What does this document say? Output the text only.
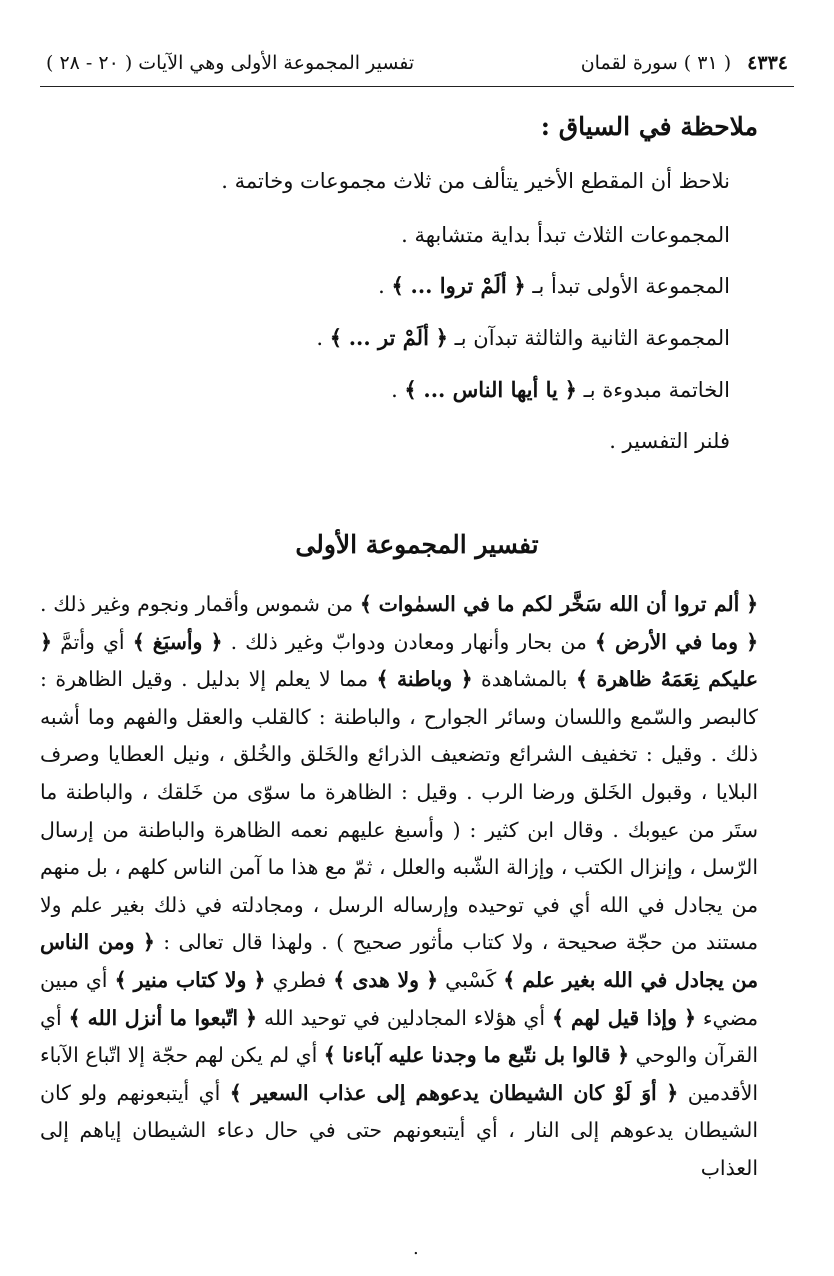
٤٣٣٤ ( ٣١ ) سورة لقمان
تفسير المجموعة الأولى وهي الآيات ( ٢٠ - ٢٨ )
ملاحظة في السياق :
نلاحظ أن المقطع الأخير يتألف من ثلاث مجموعات وخاتمة .
المجموعات الثلاث تبدأ بداية متشابهة .
المجموعة الأولى تبدأ بـ ﴿ ألَمْ تروا ... ﴾ .
المجموعة الثانية والثالثة تبدآن بـ ﴿ ألَمْ تر ... ﴾ .
الخاتمة مبدوءة بـ ﴿ يا أيها الناس ... ﴾ .
فلنر التفسير .
تفسير المجموعة الأولى
﴿ ألم تروا أن الله سَخَّر لكم ما في السمٰوات ﴾ من شموس وأقمار ونجوم وغير ذلك . ﴿ وما في الأرض ﴾ من بحار وأنهار ومعادن ودوابّ وغير ذلك . ﴿ وأسبَغ ﴾ أي وأتمَّ ﴿ عليكم نِعَمَهُ ظاهرة ﴾ بالمشاهدة ﴿ وباطنة ﴾ مما لا يعلم إلا بدليل . وقيل الظاهرة : كالبصر والسّمع واللسان وسائر الجوارح ، والباطنة : كالقلب والعقل والفهم وما أشبه ذلك . وقيل : تخفيف الشرائع وتضعيف الذرائع والخَلق والخُلق ، ونيل العطايا وصرف البلايا ، وقبول الخَلق ورضا الرب . وقيل : الظاهرة ما سوّى من خَلقك ، والباطنة ما ستَر من عيوبك . وقال ابن كثير : ( وأسبغ عليهم نعمه الظاهرة والباطنة من إرسال الرّسل ، وإنزال الكتب ، وإزالة الشّبه والعلل ، ثمّ مع هذا ما آمن الناس كلهم ، بل منهم من يجادل في الله أي في توحيده وإرساله الرسل ، ومجادلته في ذلك بغير علم ولا مستند من حجّة صحيحة ، ولا كتاب مأثور صحيح ) . ولهذا قال تعالى : ﴿ ومن الناس من يجادل في الله بغير علم ﴾ كَسْبي ﴿ ولا هدى ﴾ فطري ﴿ ولا كتاب منير ﴾ أي مبين مضيء ﴿ وإذا قيل لهم ﴾ أي هؤلاء المجادلين في توحيد الله ﴿ اتّبعوا ما أنزل الله ﴾ أي القرآن والوحي ﴿ قالوا بل نتّبع ما وجدنا عليه آباءنا ﴾ أي لم يكن لهم حجّة إلا اتّباع الآباء الأقدمين ﴿ أوَ لَوْ كان الشيطان يدعوهم إلى عذاب السعير ﴾ أي أيتبعونهم ولو كان الشيطان يدعوهم إلى النار ، أي أيتبعونهم حتى في حال دعاء الشيطان إياهم إلى العذاب
.
